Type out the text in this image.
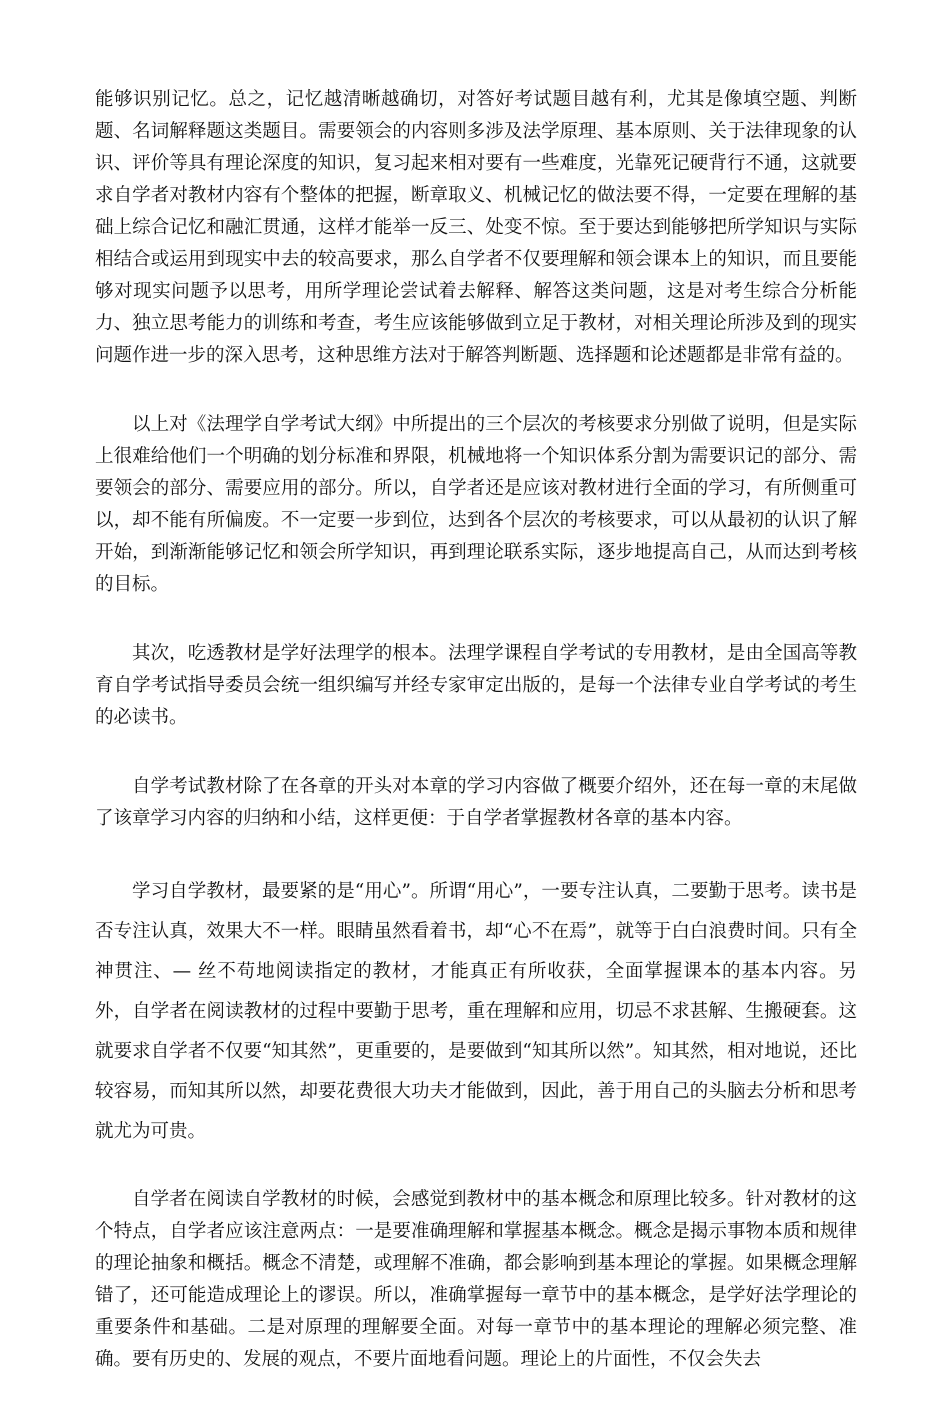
能够识别记忆。总之，记忆越清晰越确切，对答好考试题目越有利，尤其是像填空题、判断题、名词解释题这类题目。需要领会的内容则多涉及法学原理、基本原则、关于法律现象的认识、评价等具有理论深度的知识，复习起来相对要有一些难度，光靠死记硬背行不通，这就要求自学者对教材内容有个整体的把握，断章取义、机械记忆的做法要不得，一定要在理解的基础上综合记忆和融汇贯通，这样才能举一反三、处变不惊。至于要达到能够把所学知识与实际相结合或运用到现实中去的较高要求，那么自学者不仅要理解和领会课本上的知识，而且要能够对现实问题予以思考，用所学理论尝试着去解释、解答这类问题，这是对考生综合分析能力、独立思考能力的训练和考查，考生应该能够做到立足于教材，对相关理论所涉及到的现实问题作进一步的深入思考，这种思维方法对于解答判断题、选择题和论述题都是非常有益的。

以上对《法理学自学考试大纲》中所提出的三个层次的考核要求分别做了说明，但是实际上很难给他们一个明确的划分标准和界限，机械地将一个知识体系分割为需要识记的部分、需要领会的部分、需要应用的部分。所以，自学者还是应该对教材进行全面的学习，有所侧重可以，却不能有所偏废。不一定要一步到位，达到各个层次的考核要求，可以从最初的认识了解开始，到渐渐能够记忆和领会所学知识，再到理论联系实际，逐步地提高自己，从而达到考核的目标。

其次，吃透教材是学好法理学的根本。法理学课程自学考试的专用教材，是由全国高等教育自学考试指导委员会统一组织编写并经专家审定出版的，是每一个法律专业自学考试的考生的必读书。

自学考试教材除了在各章的开头对本章的学习内容做了概要介绍外，还在每一章的末尾做了该章学习内容的归纳和小结，这样更便：于自学者掌握教材各章的基本内容。

学习自学教材，最要紧的是“用心”。所谓“用心”，一要专注认真，二要勤于思考。读书是否专注认真，效果大不一样。眼睛虽然看着书，却“心不在焉”，就等于白白浪费时间。只有全神贯注、— 丝不苟地阅读指定的教材，才能真正有所收获，全面掌握课本的基本内容。另外，自学者在阅读教材的过程中要勤于思考，重在理解和应用，切忌不求甚解、生搬硬套。这就要求自学者不仅要“知其然”，更重要的，是要做到“知其所以然”。知其然，相对地说，还比较容易，而知其所以然，却要花费很大功夫才能做到，因此，善于用自己的头脑去分析和思考就尤为可贵。

自学者在阅读自学教材的时候，会感觉到教材中的基本概念和原理比较多。针对教材的这个特点，自学者应该注意两点：一是要准确理解和掌握基本概念。概念是揭示事物本质和规律的理论抽象和概括。概念不清楚，或理解不准确，都会影响到基本理论的掌握。如果概念理解错了，还可能造成理论上的谬误。所以，准确掌握每一章节中的基本概念，是学好法学理论的重要条件和基础。二是对原理的理解要全面。对每一章节中的基本理论的理解必须完整、准确。要有历史的、发展的观点，不要片面地看问题。理论上的片面性，不仅会失去
